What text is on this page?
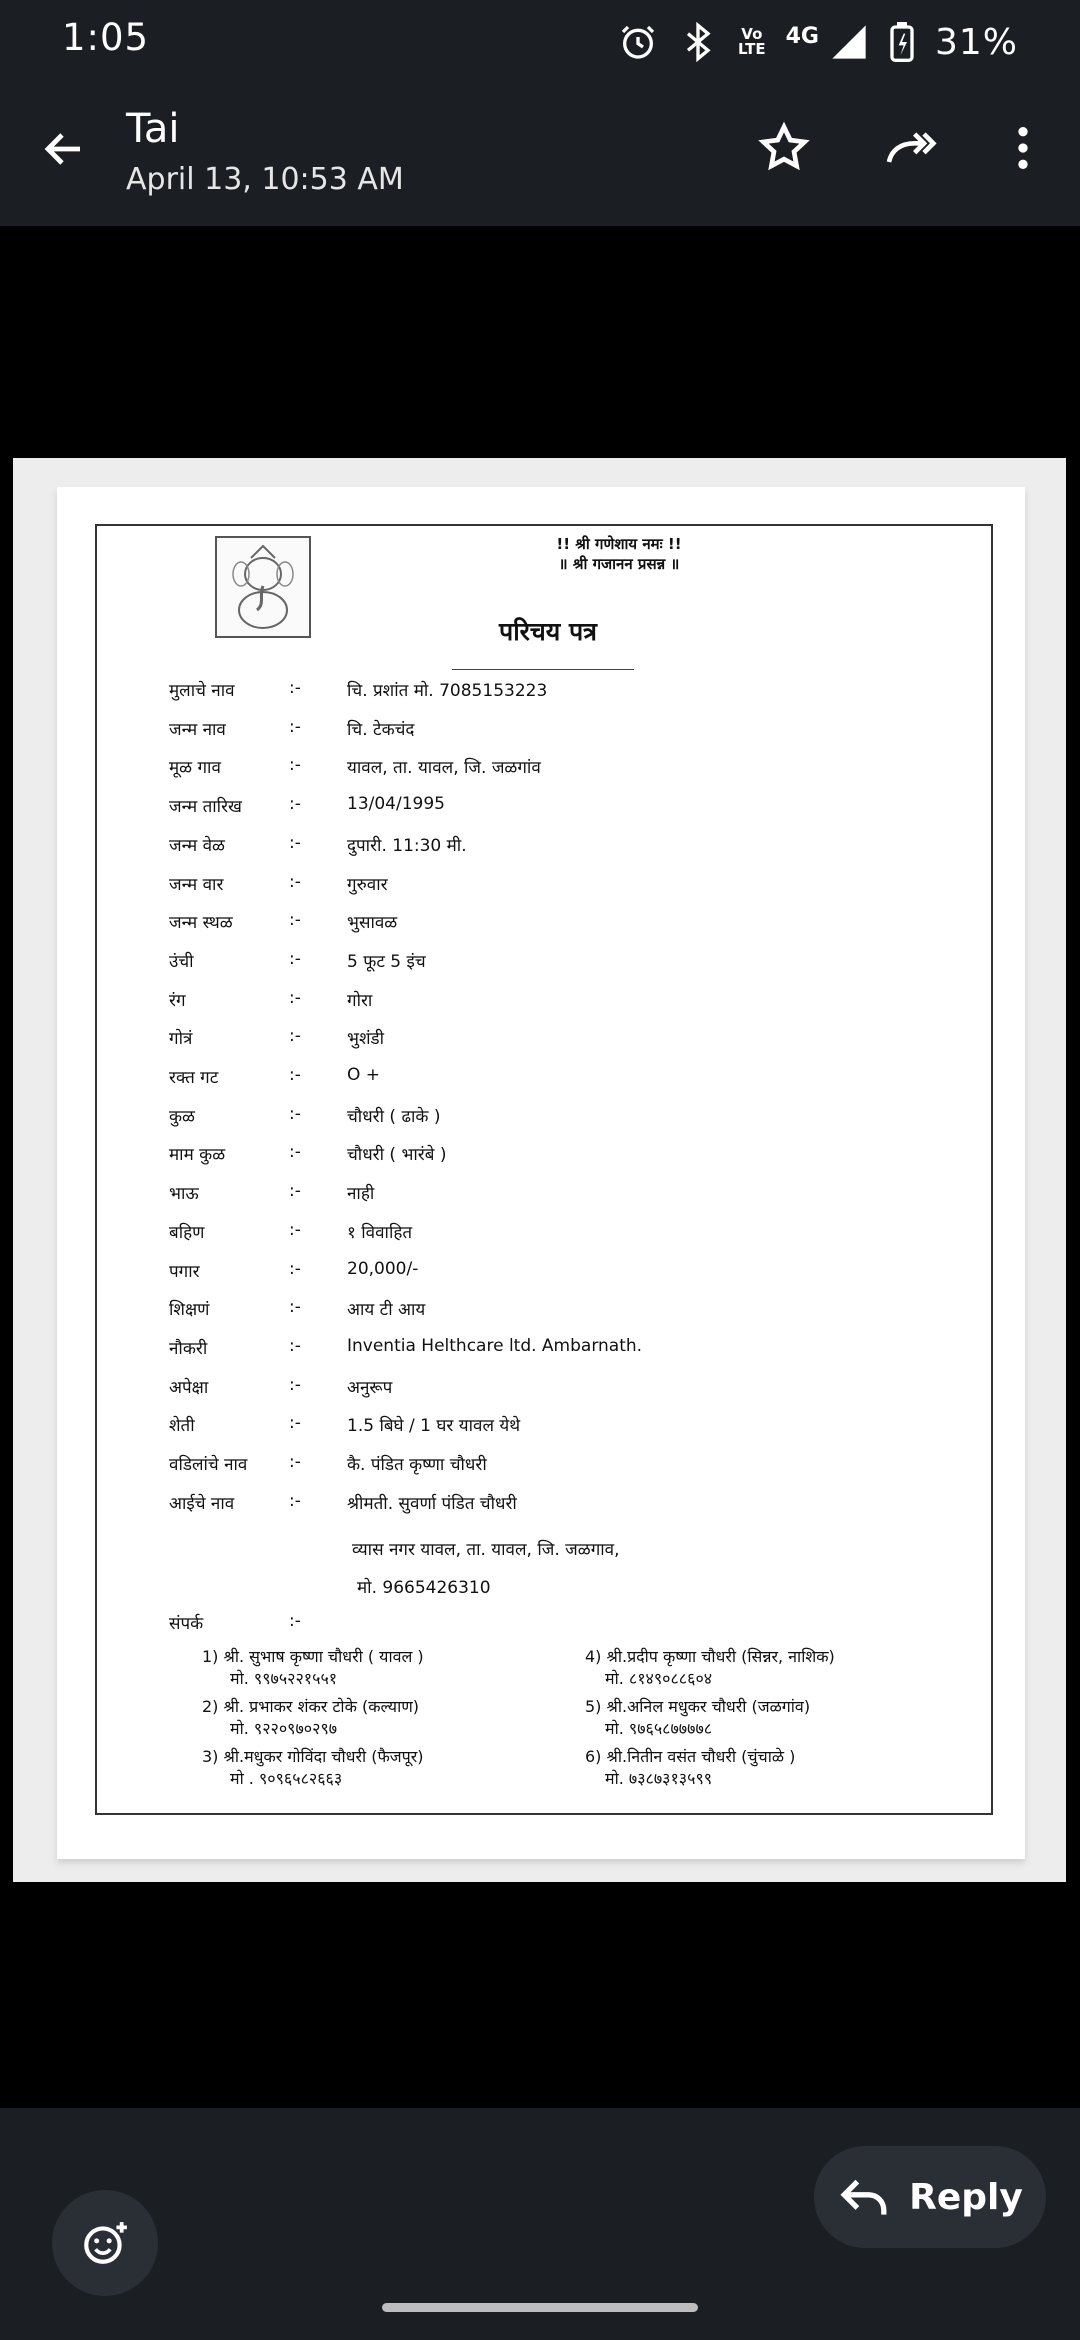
1:05	Vo
LTE
4G	31%
Tai
April 13, 10:53 AM
!! श्री गणेशाय नमः !!
॥ श्री गजानन प्रसन्न ॥
परिचय पत्र
मुलाचे नाव	:-	चि. प्रशांत मो. 7085153223
जन्म नाव	:-	चि. टेकचंद
मूळ गाव	:-	यावल, ता. यावल, जि. जळगांव
जन्म तारिख	:-	13/04/1995
जन्म वेळ	:-	दुपारी. 11:30 मी.
जन्म वार	:-	गुरुवार
जन्म स्थळ	:-	भुसावळ
उंची	:-	5 फूट 5 इंच
रंग	:-	गोरा
गोत्रं	:-	भुशंडी
रक्त गट	:-	O +
कुळ	:-	चौधरी ( ढाके )
माम कुळ	:-	चौधरी ( भारंबे )
भाऊ	:-	नाही
बहिण	:-	१ विवाहित
पगार	:-	20,000/-
शिक्षणं	:-	आय टी आय
नौकरी	:-	Inventia Helthcare ltd. Ambarnath.
अपेक्षा	:-	अनुरूप
शेती	:-	1.5 बिघे / 1 घर यावल येथे
वडिलांचे नाव :-	कै. पंडित कृष्णा चौधरी
आईचे नाव	:-	श्रीमती. सुवर्णा पंडित चौधरी
व्यास नगर यावल, ता. यावल, जि. जळगाव,
मो. 9665426310
संपर्क	:-
1) श्री. सुभाष कृष्णा चौधरी ( यावल )
मो. ९९७५२२१५५१
2) श्री. प्रभाकर शंकर टोके (कल्याण)
मो. ९२२०९७०२९७
3) श्री.मधुकर गोविंदा चौधरी (फैजपूर)
मो . ९०९६५८२६६३
4) श्री.प्रदीप कृष्णा चौधरी (सिन्नर, नाशिक)
मो. ८१४९०८८६०४
5) श्री.अनिल मधुकर चौधरी (जळगांव)
मो. ९७६५८७७७७८
6) श्री.नितीन वसंत चौधरी (चुंचाळे )
मो. ७३८७३१३५९९
Reply
